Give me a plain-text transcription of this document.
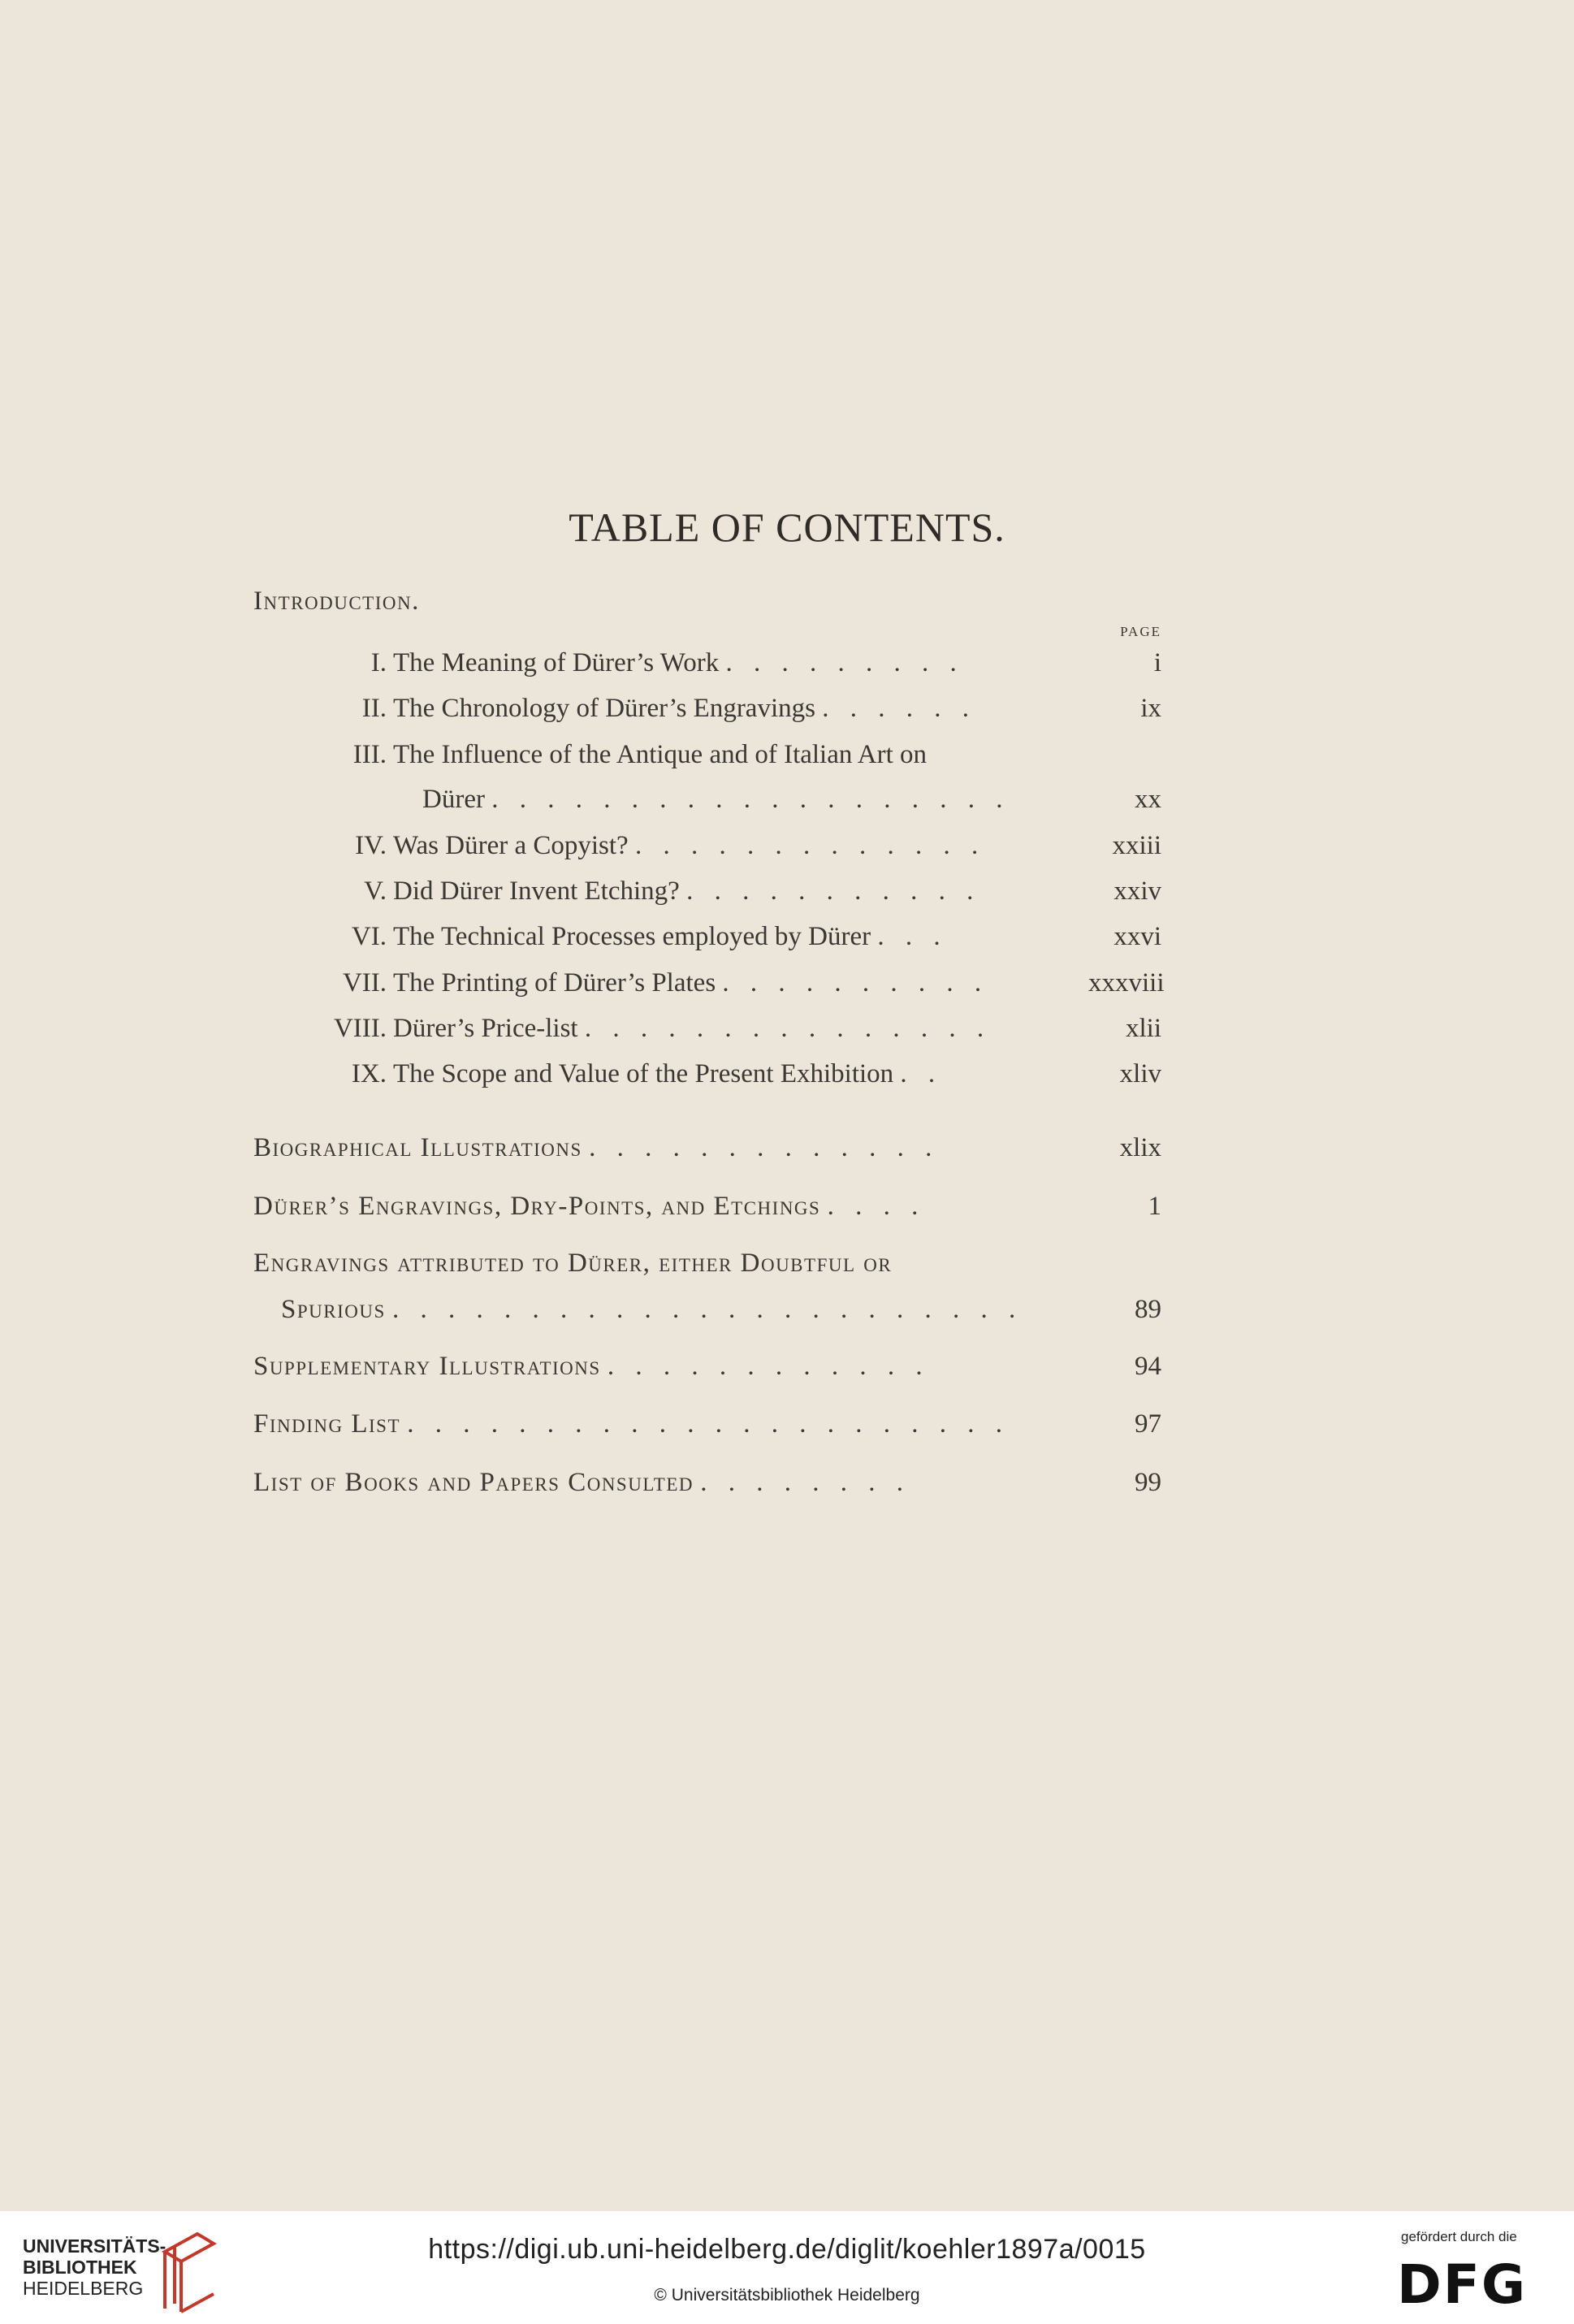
TABLE OF CONTENTS.
Introduction.
PAGE
I. The Meaning of Dürer’s Work . . . . . . . . .	i
II. The Chronology of Dürer’s Engravings . . . . . .	ix
III. The Influence of the Antique and of Italian Art on
Dürer . . . . . . . . . . . . . . . . . . .	xx
IV. Was Dürer a Copyist? . . . . . . . . . . . . .	xxiii
V. Did Dürer Invent Etching? . . . . . . . . . . .	xxiv
VI. The Technical Processes employed by Dürer . . .	xxvi
VII. The Printing of Dürer’s Plates . . . . . . . . . .	xxxviii
VIII. Dürer’s Price-list . . . . . . . . . . . . . . .	xlii
IX. The Scope and Value of the Present Exhibition . .	xliv
Biographical Illustrations . . . . . . . . . . . . .	xlix
Dürer’s Engravings, Dry-Points, and Etchings . . . .	1
Engravings attributed to Dürer, either Doubtful or
Spurious . . . . . . . . . . . . . . . . . . . . . . .	89
Supplementary Illustrations . . . . . . . . . . . .	94
Finding List . . . . . . . . . . . . . . . . . . . . . .	97
List of Books and Papers Consulted . . . . . . . .	99
UNIVERSITÄTS-
BIBLIOTHEK
HEIDELBERG
https://digi.ub.uni-heidelberg.de/diglit/koehler1897a/0015
© Universitätsbibliothek Heidelberg
gefördert durch die
DFG
